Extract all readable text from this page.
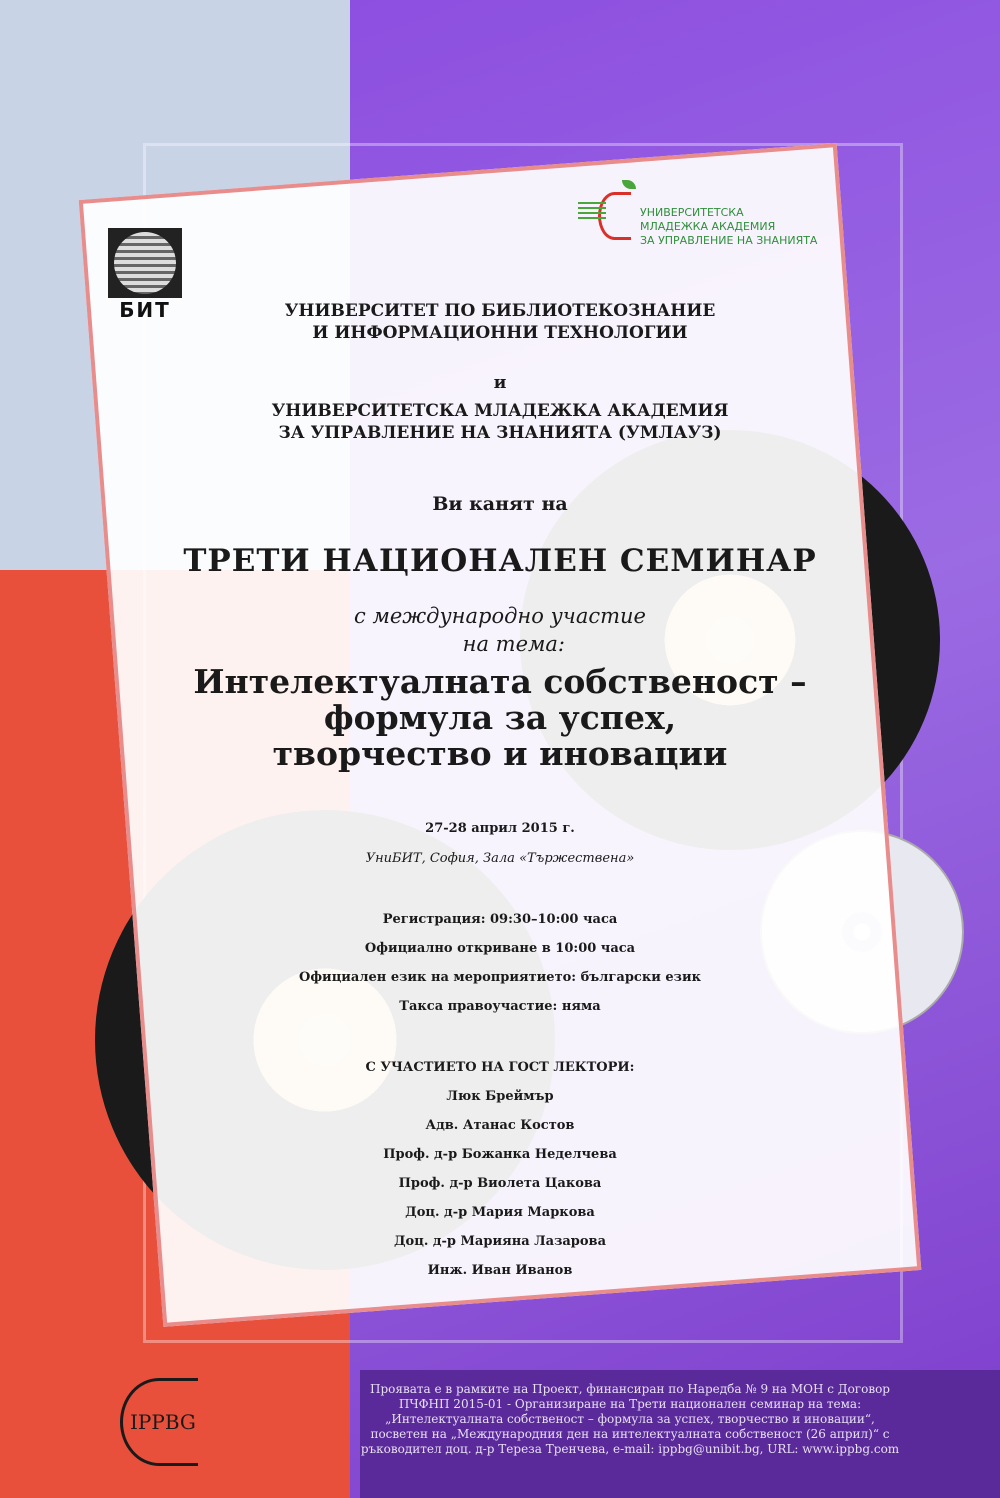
БИТ
УНИВЕРСИТЕТСКА
МЛАДЕЖКА АКАДЕМИЯ
ЗА УПРАВЛЕНИЕ НА ЗНАНИЯТА
УНИВЕРСИТЕТ ПО БИБЛИОТЕКОЗНАНИЕ
И ИНФОРМАЦИОННИ ТЕХНОЛОГИИ
и
УНИВЕРСИТЕТСКА МЛАДЕЖКА АКАДЕМИЯ
ЗА УПРАВЛЕНИЕ НА ЗНАНИЯТА (УМЛАУЗ)
Ви канят на
ТРЕТИ НАЦИОНАЛЕН СЕМИНАР
с международно участие
на тема:
Интелектуалната собственост –
формула за успех,
творчество и иновации
27-28 април 2015 г.
УниБИТ, София, Зала «Тържествена»
Регистрация: 09:30–10:00 часа
Официално откриване в 10:00 часа
Официален език на мероприятието: български език
Такса правоучастие: няма
С УЧАСТИЕТО НА ГОСТ ЛЕКТОРИ:
Люк Бреймър
Адв. Атанас Костов
Проф. д-р Божанка Неделчева
Проф. д-р Виолета Цакова
Доц. д-р Мария Маркова
Доц. д-р Марияна Лазарова
Инж. Иван Иванов
IPPBG
Проявата е в рамките на Проект, финансиран по Наредба № 9 на МОН с Договор
ПЧФНП 2015-01 - Организиране на Трети национален семинар на тема:
„Интелектуалната собственост – формула за успех, творчество и иновации“,
посветен на „Международния ден на интелектуалната собственост (26 април)“ с
ръководител доц. д-р Тереза Тренчева, e-mail: ippbg@unibit.bg, URL: www.ippbg.com
